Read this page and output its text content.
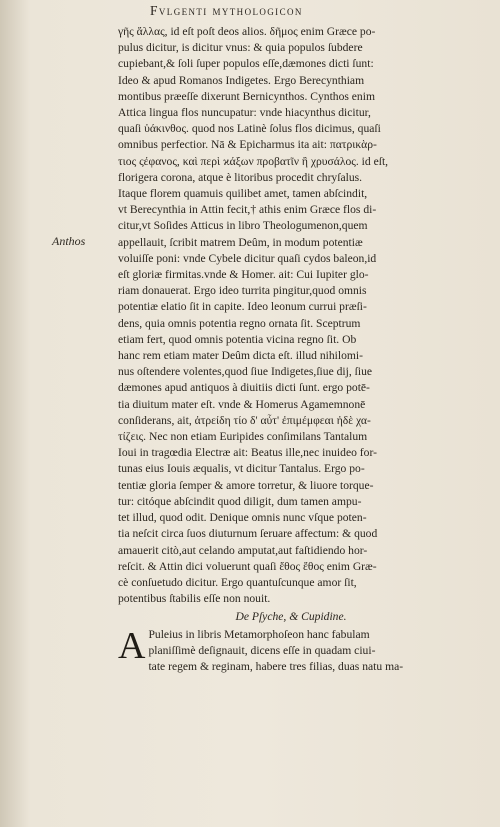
Fvlgenti mythologicon
Anthos
γῆς ἄλλας, id eſt poſt deos alios. δῆμος enim Græce po-
pulus dicitur, is dicitur vnus: & quia populos ſubdere
cupiebant,& ſoli ſuper populos eſſe,dæmones dicti ſunt:
Ideo & apud Romanos Indigetes. Ergo Berecynthiam
montibus præeſſe dixerunt Bernicynthos. Cynthos enim
Attica lingua flos nuncupatur: vnde hiacynthus dicitur,
quaſi ὑάκινθος. quod nos Latinè ſolus flos dicimus, quaſi
omnibus perfectior. Nā & Epicharmus ita ait: πατρικὰρ-
τιος ςέφανος, καὶ περὶ ϰάξων προβατῖν ἢ χρυσάλος. id eſt,
florigera corona, atque è litoribus procedit chryſalus.
Itaque florem quamuis quilibet amet, tamen abſcindit,
vt Berecynthia in Attin fecit,† athis enim Græce flos di-
citur,vt Soſides Atticus in libro Theologumenon,quem
appellauit, ſcribit matrem Deûm, in modum potentiæ
voluiſſe poni: vnde Cybele dicitur quaſi cydos baleon,id
eſt gloriæ firmitas.vnde & Homer. ait: Cui Iupiter glo-
riam donauerat. Ergo ideo turrita pingitur,quod omnis
potentiæ elatio ſit in capite. Ideo leonum currui præſi-
dens, quia omnis potentia regno ornata ſit. Sceptrum
etiam fert, quod omnis potentia vicina regno ſit. Ob
hanc rem etiam mater Deûm dicta eſt. illud nihilomi-
nus oſtendere volentes,quod ſiue Indigetes,ſiue dij, ſiue
dæmones apud antiquos à diuitiis dicti ſunt. ergo potē-
tia diuitum mater eſt. vnde & Homerus Agamemnonē
conſiderans, ait, ἀτρείδη τίο δ' αὖτ' ἐπιμέμφεαι ἠδὲ χα-
τίζεις. Nec non etiam Euripides conſimilans Tantalum
Ioui in tragœdia Electræ ait: Beatus ille,nec inuideo for-
tunas eius Iouis æqualis, vt dicitur Tantalus. Ergo po-
tentiæ gloria ſemper & amore torretur, & liuore torque-
tur: citóque abſcindit quod diligit, dum tamen ampu-
tet illud, quod odit. Denique omnis nunc vſque poten-
tia neſcit circa ſuos diuturnum ſeruare affectum: & quod
amauerit citò,aut celando amputat,aut faſtidiendo hor-
reſcit. & Attin dici voluerunt quaſi ἔθος ἔθος enim Græ-
cè conſuetudo dicitur. Ergo quantuſcunque amor ſit,
potentibus ſtabilis eſſe non nouit.
De Pſyche, & Cupidine.
A Puleius in libris Metamorphoſeon hanc fabulam
planiſſimè deſignauit, dicens eſſe in quadam ciui-
tate regem & reginam, habere tres filias, duas natu ma-
